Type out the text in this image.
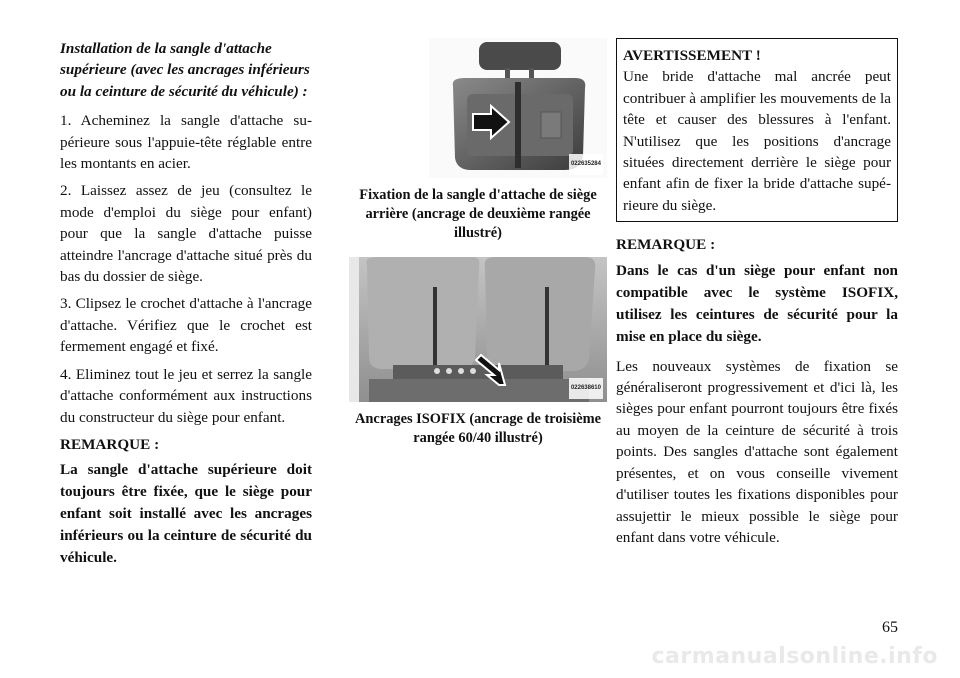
Installation de la sangle d'attache supérieure (avec les ancrages inférieurs ou la ceinture de sécurité du véhicule) :

1. Acheminez la sangle d'attache supérieure sous l'appuie-tête réglable entre les montants en acier.

2. Laissez assez de jeu (consultez le mode d'emploi du siège pour enfant) pour que la sangle d'attache puisse atteindre l'ancrage d'attache situé près du bas du dossier de siège.

3. Clipsez le crochet d'attache à l'ancrage d'attache. Vérifiez que le crochet est fermement engagé et fixé.

4. Eliminez tout le jeu et serrez la sangle d'attache conformément aux instructions du constructeur du siège pour enfant.

REMARQUE :

La sangle d'attache supérieure doit toujours être fixée, que le siège pour enfant soit installé avec les ancrages inférieurs ou la ceinture de sécurité du véhicule.

022635284

Fixation de la sangle d'attache de siège arrière (ancrage de deuxième rangée illustré)

022638610

Ancrages ISOFIX (ancrage de troisième rangée 60/40 illustré)

AVERTISSEMENT !

Une bride d'attache mal ancrée peut contribuer à amplifier les mouvements de la tête et causer des blessures à l'enfant. N'utilisez que les positions d'ancrage situées directement derrière le siège pour enfant afin de fixer la bride d'attache supérieure du siège.

REMARQUE :

Dans le cas d'un siège pour enfant non compatible avec le système ISOFIX, utilisez les ceintures de sécurité pour la mise en place du siège.

Les nouveaux systèmes de fixation se généraliseront progressivement et d'ici là, les sièges pour enfant pourront toujours être fixés au moyen de la ceinture de sécurité à trois points. Des sangles d'attache sont également présentes, et on vous conseille vivement d'utiliser toutes les fixations disponibles pour assujettir le mieux possible le siège pour enfant dans votre véhicule.

65
carmanualsonline.info
